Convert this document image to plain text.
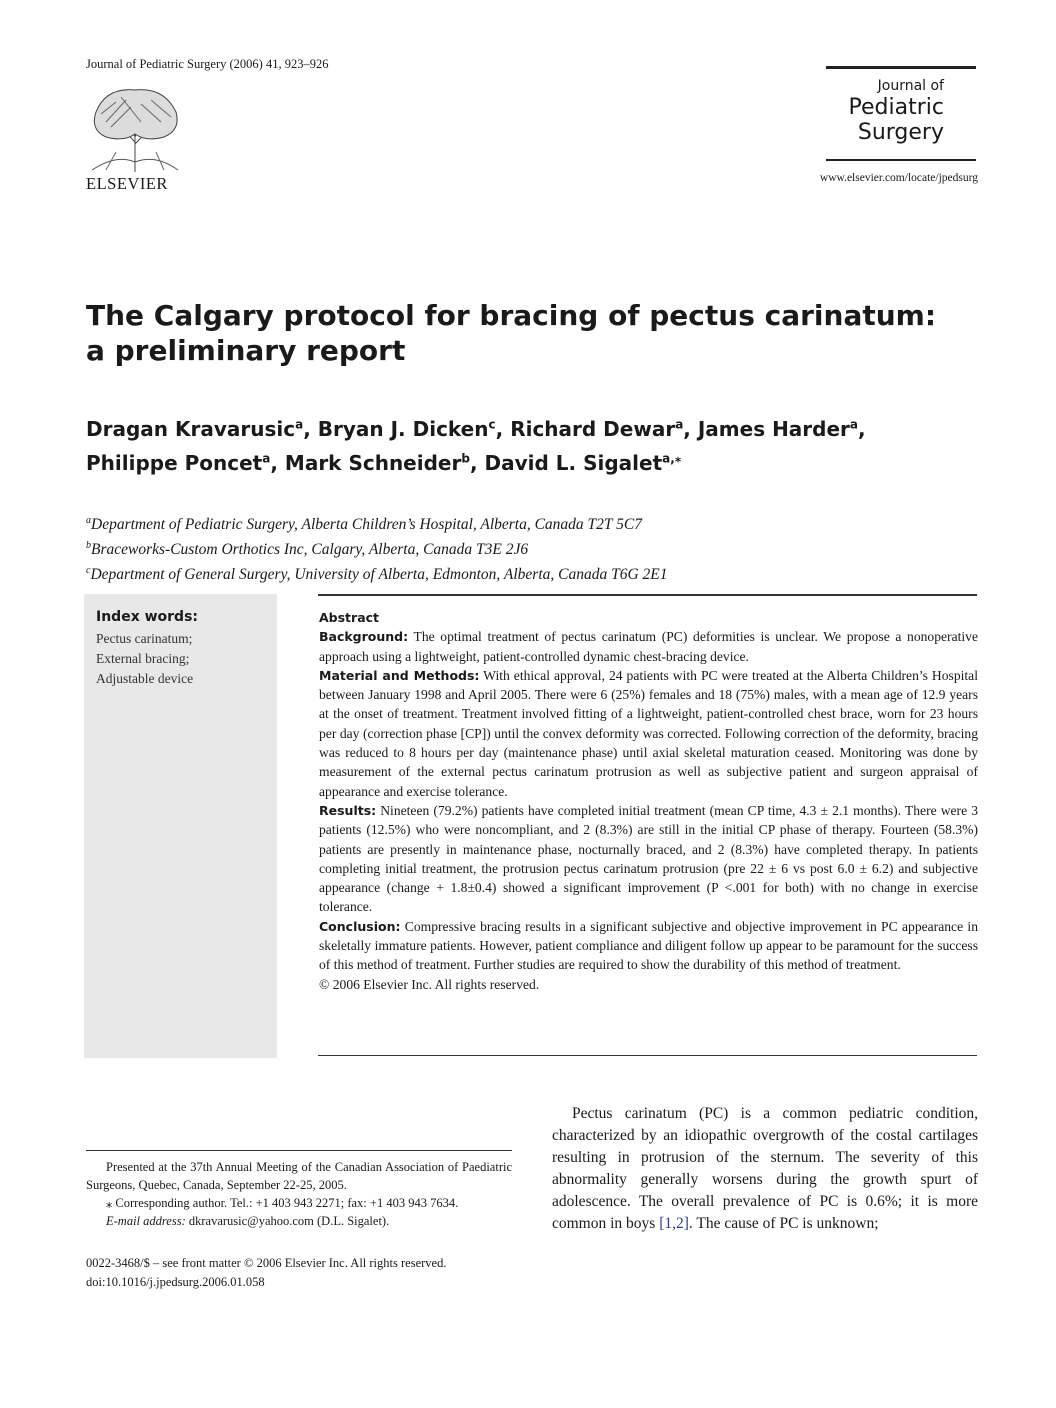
Journal of Pediatric Surgery (2006) 41, 923–926
ELSEVIER
Journal of
Pediatric
Surgery
www.elsevier.com/locate/jpedsurg
The Calgary protocol for bracing of pectus carinatum:
a preliminary report
Dragan Kravarusic$^a$, Bryan J. Dicken$^c$, Richard Dewar$^a$, James Harder$^a$,
Philippe Poncet$^a$, Mark Schneider$^b$, David L. Sigalet$^{a,⁎}$
$^a$Department of Pediatric Surgery, Alberta Children’s Hospital, Alberta, Canada T2T 5C7
$^b$Braceworks-Custom Orthotics Inc, Calgary, Alberta, Canada T3E 2J6
$^c$Department of General Surgery, University of Alberta, Edmonton, Alberta, Canada T6G 2E1
Index words:
Pectus carinatum;
External bracing;
Adjustable device

Abstract

Background: The optimal treatment of pectus carinatum (PC) deformities is unclear. We propose a nonoperative approach using a lightweight, patient-controlled dynamic chest-bracing device.

Material and Methods: With ethical approval, 24 patients with PC were treated at the Alberta Children’s Hospital between January 1998 and April 2005. There were 6 (25%) females and 18 (75%) males, with a mean age of 12.9 years at the onset of treatment. Treatment involved fitting of a lightweight, patient-controlled chest brace, worn for 23 hours per day (correction phase [CP]) until the convex deformity was corrected. Following correction of the deformity, bracing was reduced to 8 hours per day (maintenance phase) until axial skeletal maturation ceased. Monitoring was done by measurement of the external pectus carinatum protrusion as well as subjective patient and surgeon appraisal of appearance and exercise tolerance.

Results: Nineteen (79.2%) patients have completed initial treatment (mean CP time, 4.3 ± 2.1 months). There were 3 patients (12.5%) who were noncompliant, and 2 (8.3%) are still in the initial CP phase of therapy. Fourteen (58.3%) patients are presently in maintenance phase, nocturnally braced, and 2 (8.3%) have completed therapy. In patients completing initial treatment, the protrusion pectus carinatum protrusion (pre 22 ± 6 vs post 6.0 ± 6.2) and subjective appearance (change + 1.8±0.4) showed a significant improvement (P <.001 for both) with no change in exercise tolerance.

Conclusion: Compressive bracing results in a significant subjective and objective improvement in PC appearance in skeletally immature patients. However, patient compliance and diligent follow up appear to be paramount for the success of this method of treatment. Further studies are required to show the durability of this method of treatment.

© 2006 Elsevier Inc. All rights reserved.

Pectus carinatum (PC) is a common pediatric condition, characterized by an idiopathic overgrowth of the costal cartilages resulting in protrusion of the sternum. The severity of this abnormality generally worsens during the growth spurt of adolescence. The overall prevalence of PC is 0.6%; it is more common in boys [1,2]. The cause of PC is unknown;

Presented at the 37th Annual Meeting of the Canadian Association of Paediatric Surgeons, Quebec, Canada, September 22-25, 2005.

⁎ Corresponding author. Tel.: +1 403 943 2271; fax: +1 403 943 7634.

E-mail address: dkravarusic@yahoo.com (D.L. Sigalet).

0022-3468/$ – see front matter © 2006 Elsevier Inc. All rights reserved.
doi:10.1016/j.jpedsurg.2006.01.058
